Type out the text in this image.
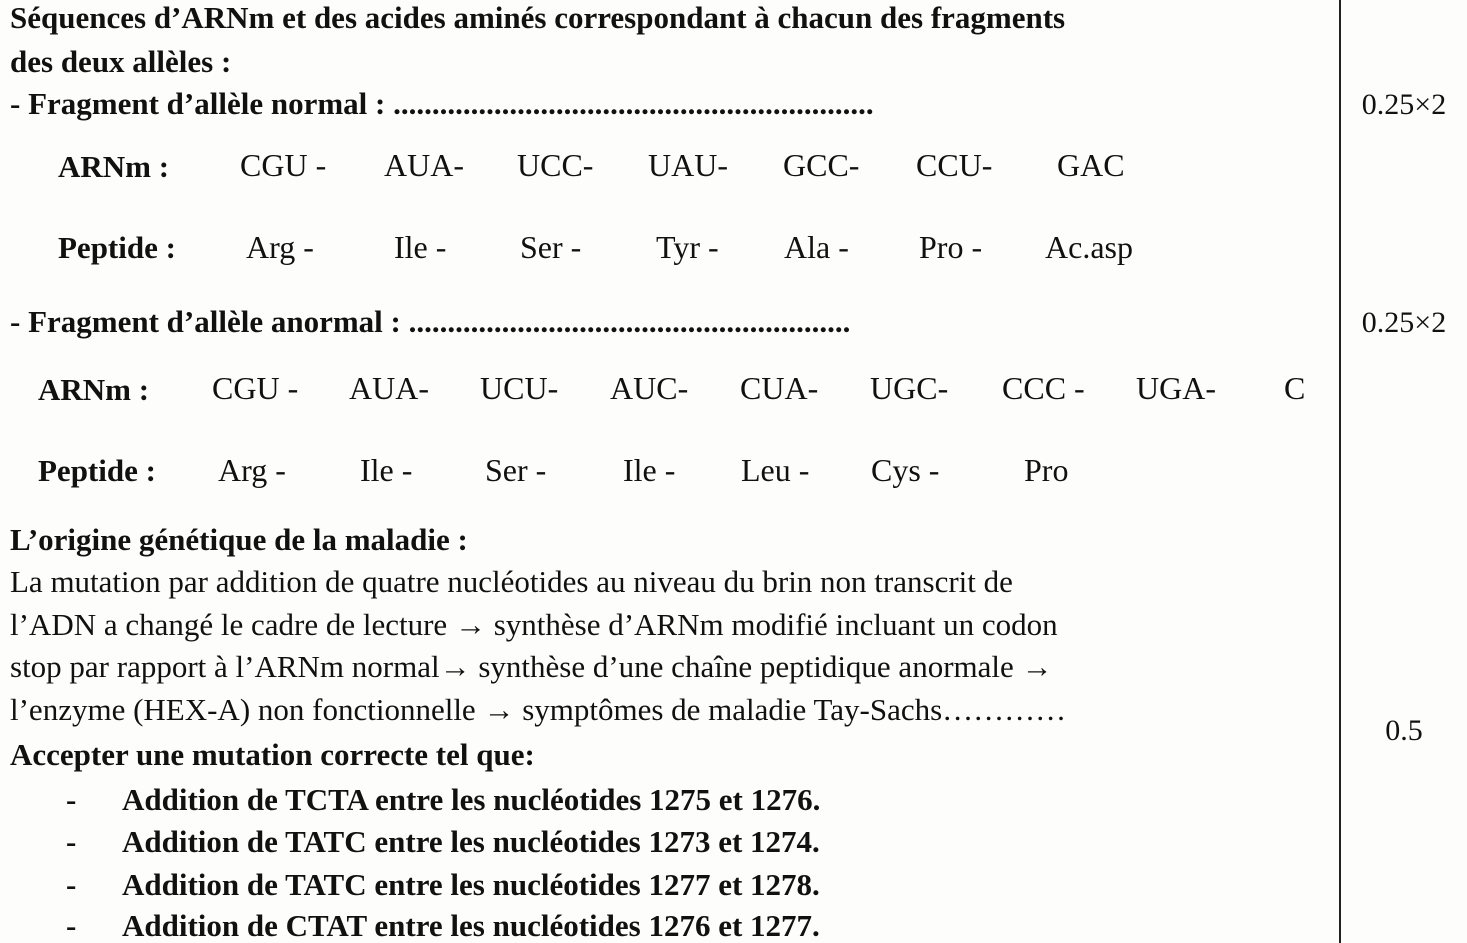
Séquences d’ARNm et des acides aminés correspondant à chacun des fragments
des deux allèles :
- Fragment d’allèle normal : ..............................................................	0.25×2
ARNm : CGU - AUA- UCC- UAU- GCC- CCU- GAC
Peptide : Arg -	Ile - Ser - Tyr - Ala - Pro - Ac.asp
- Fragment d’allèle anormal : .........................................................	0.25×2
ARNm : CGU - AUA- UCU- AUC- CUA- UGC- CCC - UGA- C
Peptide : Arg - Ile - Ser - Ile - Leu - Cys -	Pro
L’origine génétique de la maladie :
La mutation par addition de quatre nucléotides au niveau du brin non transcrit de
l’ADN a changé le cadre de lecture → synthèse d’ARNm modifié incluant un codon
stop par rapport à l’ARNm normal→ synthèse d’une chaîne peptidique anormale →
l’enzyme (HEX-A) non fonctionnelle → symptômes de maladie Tay-Sachs…………
0.5
Accepter une mutation correcte tel que:
- Addition de TCTA entre les nucléotides 1275 et 1276.
- Addition de TATC entre les nucléotides 1273 et 1274.
- Addition de TATC entre les nucléotides 1277 et 1278.
- Addition de CTAT entre les nucléotides 1276 et 1277.
